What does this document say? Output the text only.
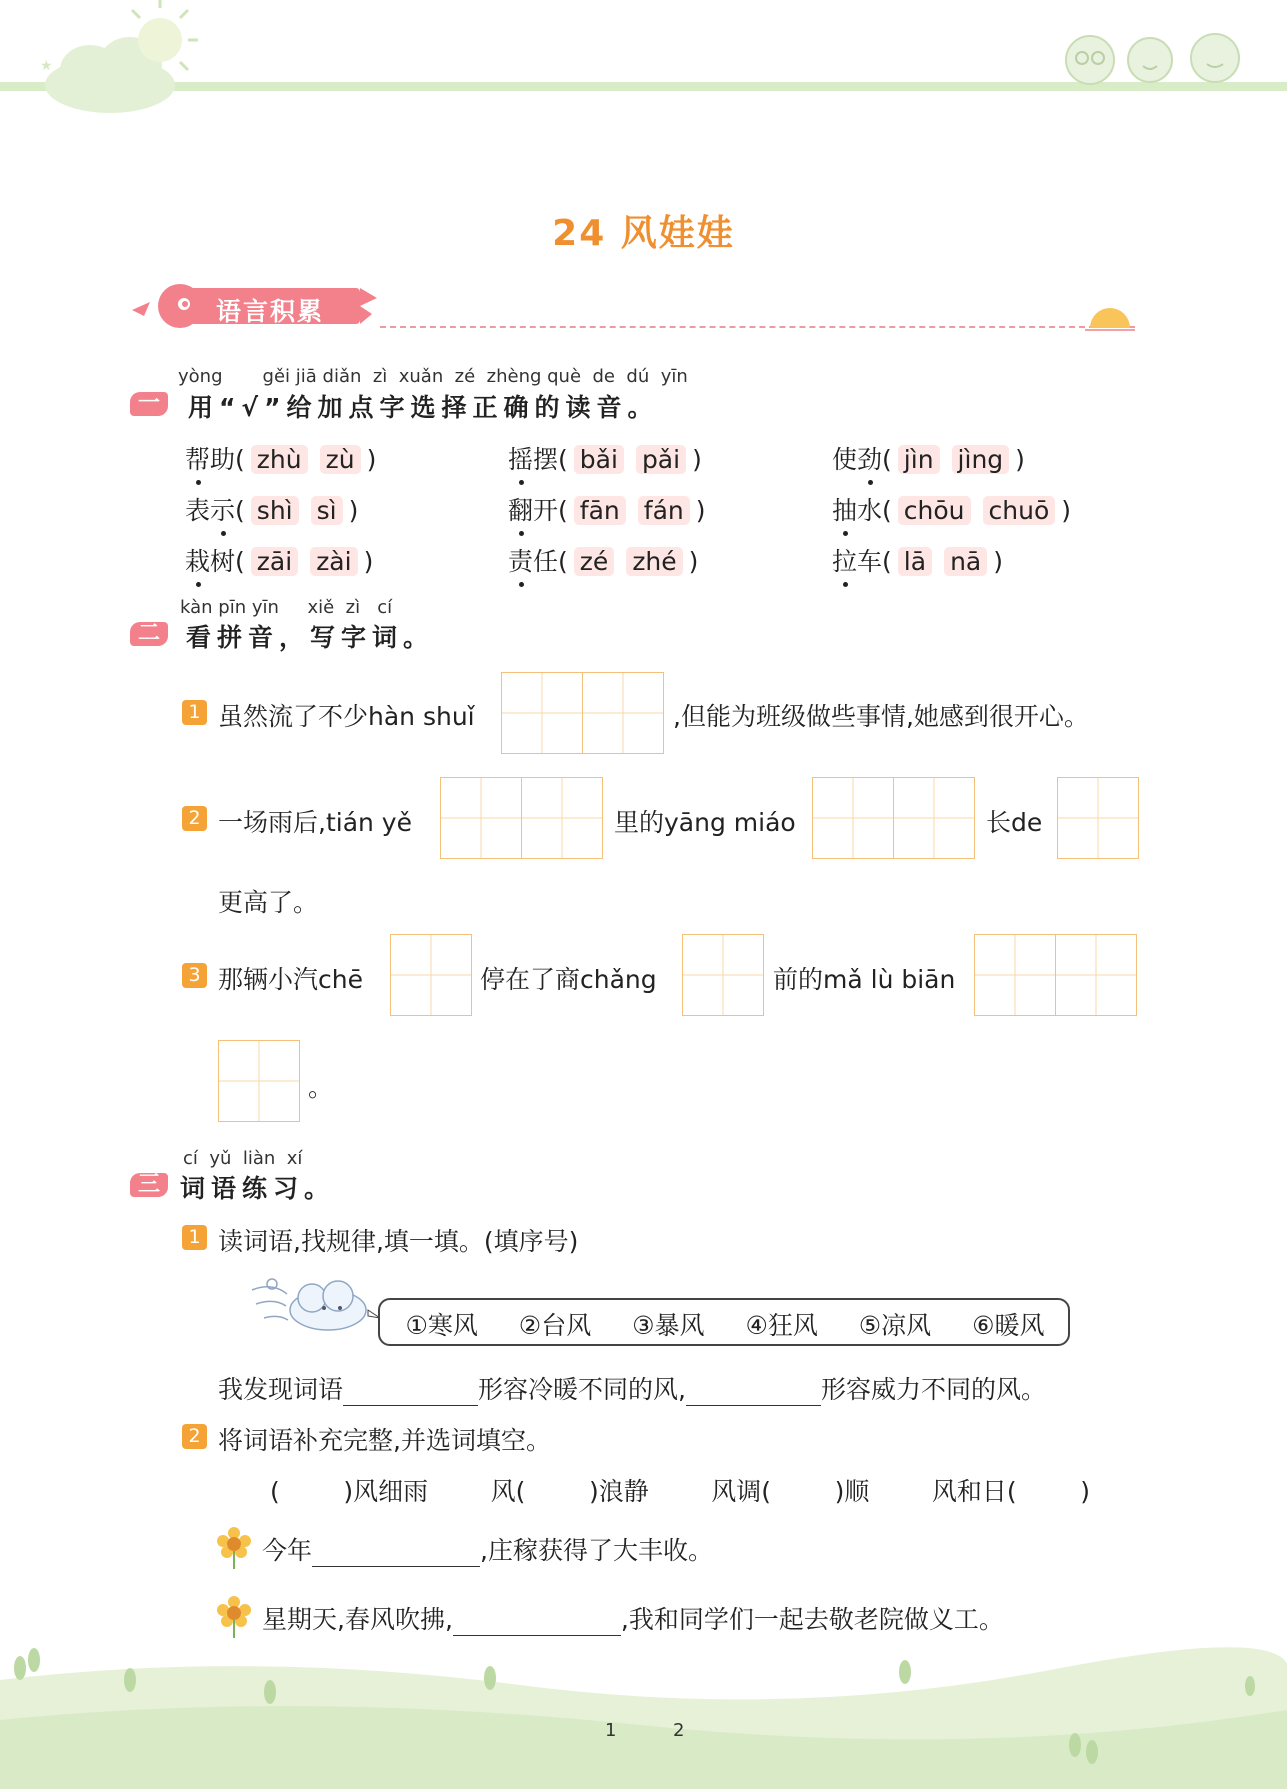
★
24 风娃娃
语言积累
yòng       gěi jiā diǎn  zì  xuǎn  zé  zhèng què  de  dú  yīn
一	用“√”给加点字选择正确的读音。
帮助( zhù zù )	摇摆( bǎi pǎi )	使劲( jìn jìng )
表示( shì sì )	翻开( fān fán )	抽水( chōu chuō )
栽树( zāi zài )	责任( zé zhé )	拉车( lā nā )
kàn pīn yīn     xiě  zì   cí
二	看拼音，写字词。
1 虽然流了不少hàn shuǐ	,但能为班级做些事情,她感到很开心。
2 一场雨后,tián yě	里的yāng miáo	长de
更高了。
3 那辆小汽chē	停在了商chǎng	前的mǎ lù biān
。
cí  yǔ  liàn  xí
三 词语练习。
1 读词语,找规律,填一填。(填序号)
①寒风 ②台风 ③暴风 ④狂风 ⑤凉风 ⑥暖风
我发现词语	形容冷暖不同的风,	形容威力不同的风。
2 将词语补充完整,并选词填空。
(        )风细雨	风(        )浪静	风调(        )顺	风和日(        )
今年	,庄稼获得了大丰收。
星期天,春风吹拂,	,我和同学们一起去敬老院做义工。
1	2
